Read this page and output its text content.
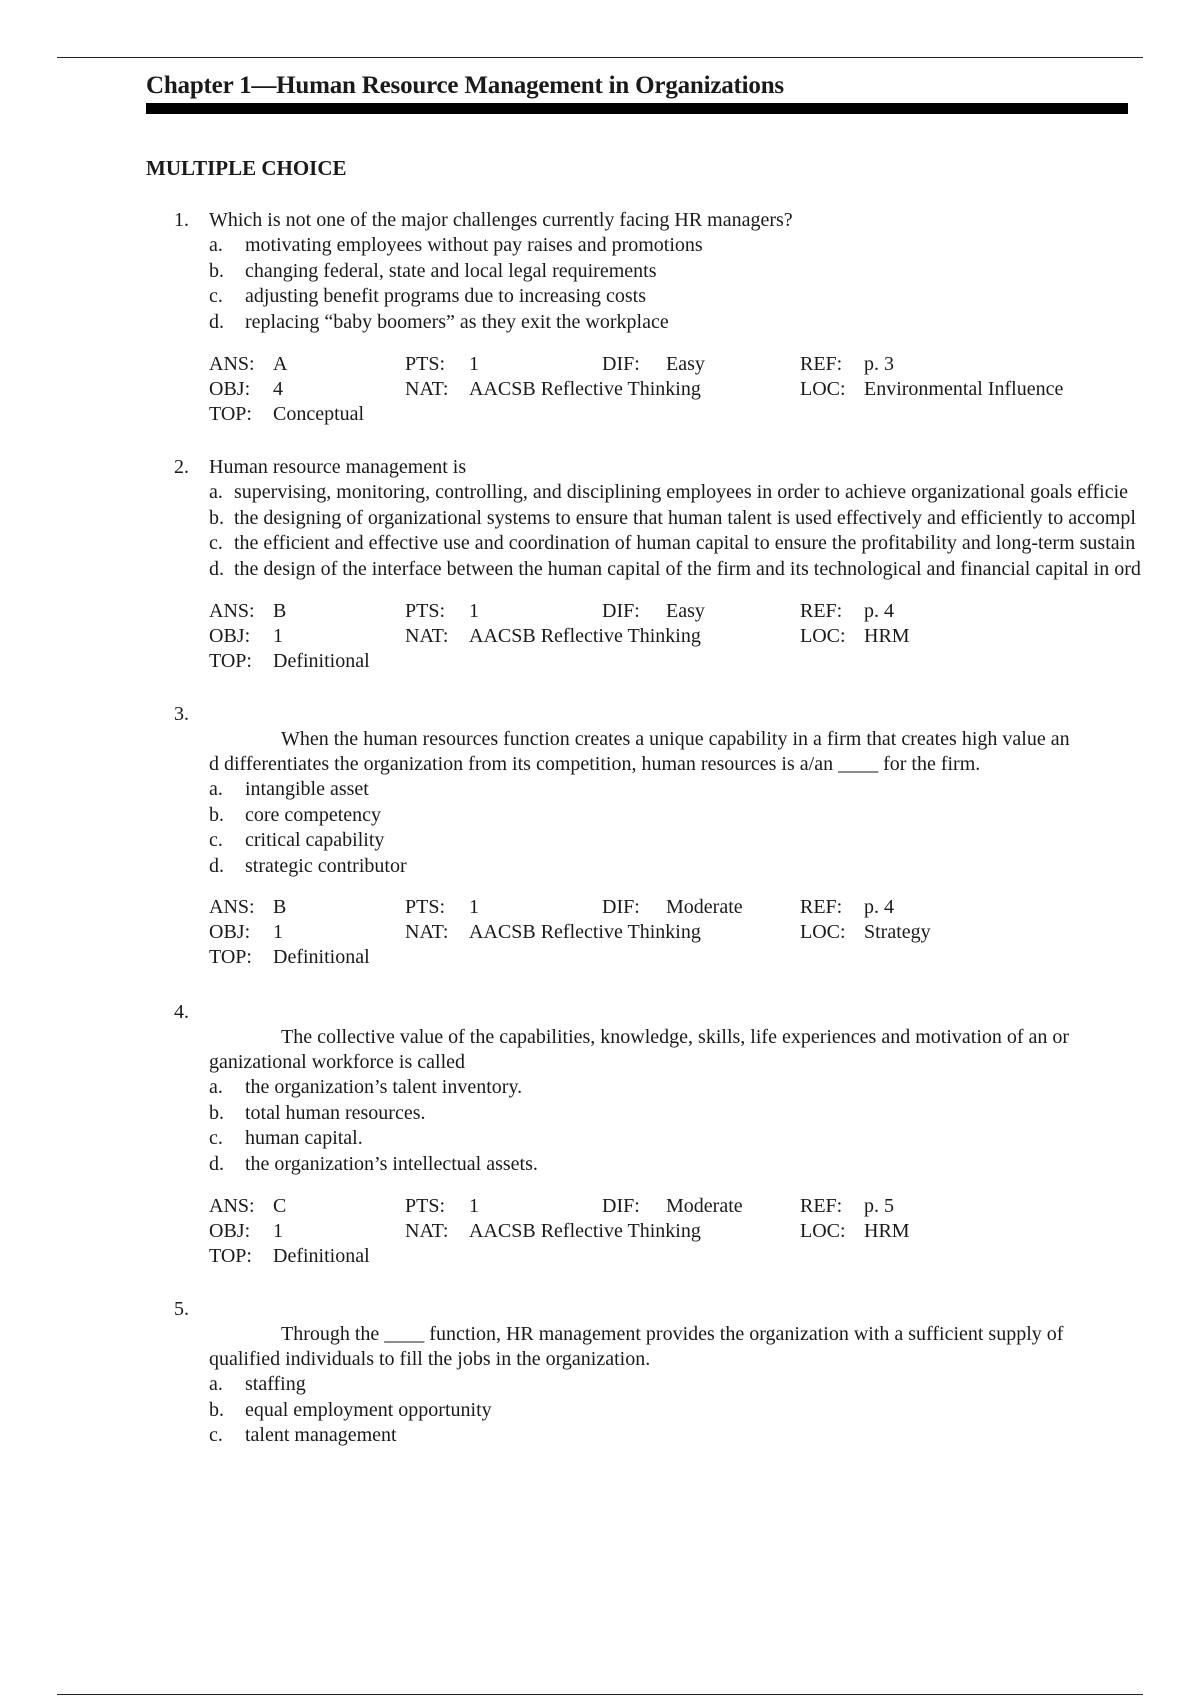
Chapter 1—Human Resource Management in Organizations
MULTIPLE CHOICE
1. Which is not one of the major challenges currently facing HR managers?
a. motivating employees without pay raises and promotions
b. changing federal, state and local legal requirements
c. adjusting benefit programs due to increasing costs
d. replacing “baby boomers” as they exit the workplace
ANS: A	PTS: 1	DIF: Easy	REF: p. 3
OBJ: 4	NAT: AACSB Reflective Thinking	LOC: Environmental Influence
TOP: Conceptual
2. Human resource management is
a. supervising, monitoring, controlling, and disciplining employees in order to achieve organizational goals efficie
b. the designing of organizational systems to ensure that human talent is used effectively and efficiently to accompl
c. the efficient and effective use and coordination of human capital to ensure the profitability and long-term sustain
d. the design of the interface between the human capital of the firm and its technological and financial capital in ord
ANS: B	PTS: 1	DIF: Easy	REF: p. 4
OBJ: 1	NAT: AACSB Reflective Thinking	LOC: HRM
TOP: Definitional
3.
When the human resources function creates a unique capability in a firm that creates high value an
d differentiates the organization from its competition, human resources is a/an ____ for the firm.
a. intangible asset
b. core competency
c. critical capability
d. strategic contributor
ANS: B	PTS: 1	DIF: Moderate	REF: p. 4
OBJ: 1	NAT: AACSB Reflective Thinking	LOC: Strategy
TOP: Definitional
4.
The collective value of the capabilities, knowledge, skills, life experiences and motivation of an or
ganizational workforce is called
a. the organization’s talent inventory.
b. total human resources.
c. human capital.
d. the organization’s intellectual assets.
ANS: C	PTS: 1	DIF: Moderate	REF: p. 5
OBJ: 1	NAT: AACSB Reflective Thinking	LOC: HRM
TOP: Definitional
5.
Through the ____ function, HR management provides the organization with a sufficient supply of
qualified individuals to fill the jobs in the organization.
a. staffing
b. equal employment opportunity
c. talent management
